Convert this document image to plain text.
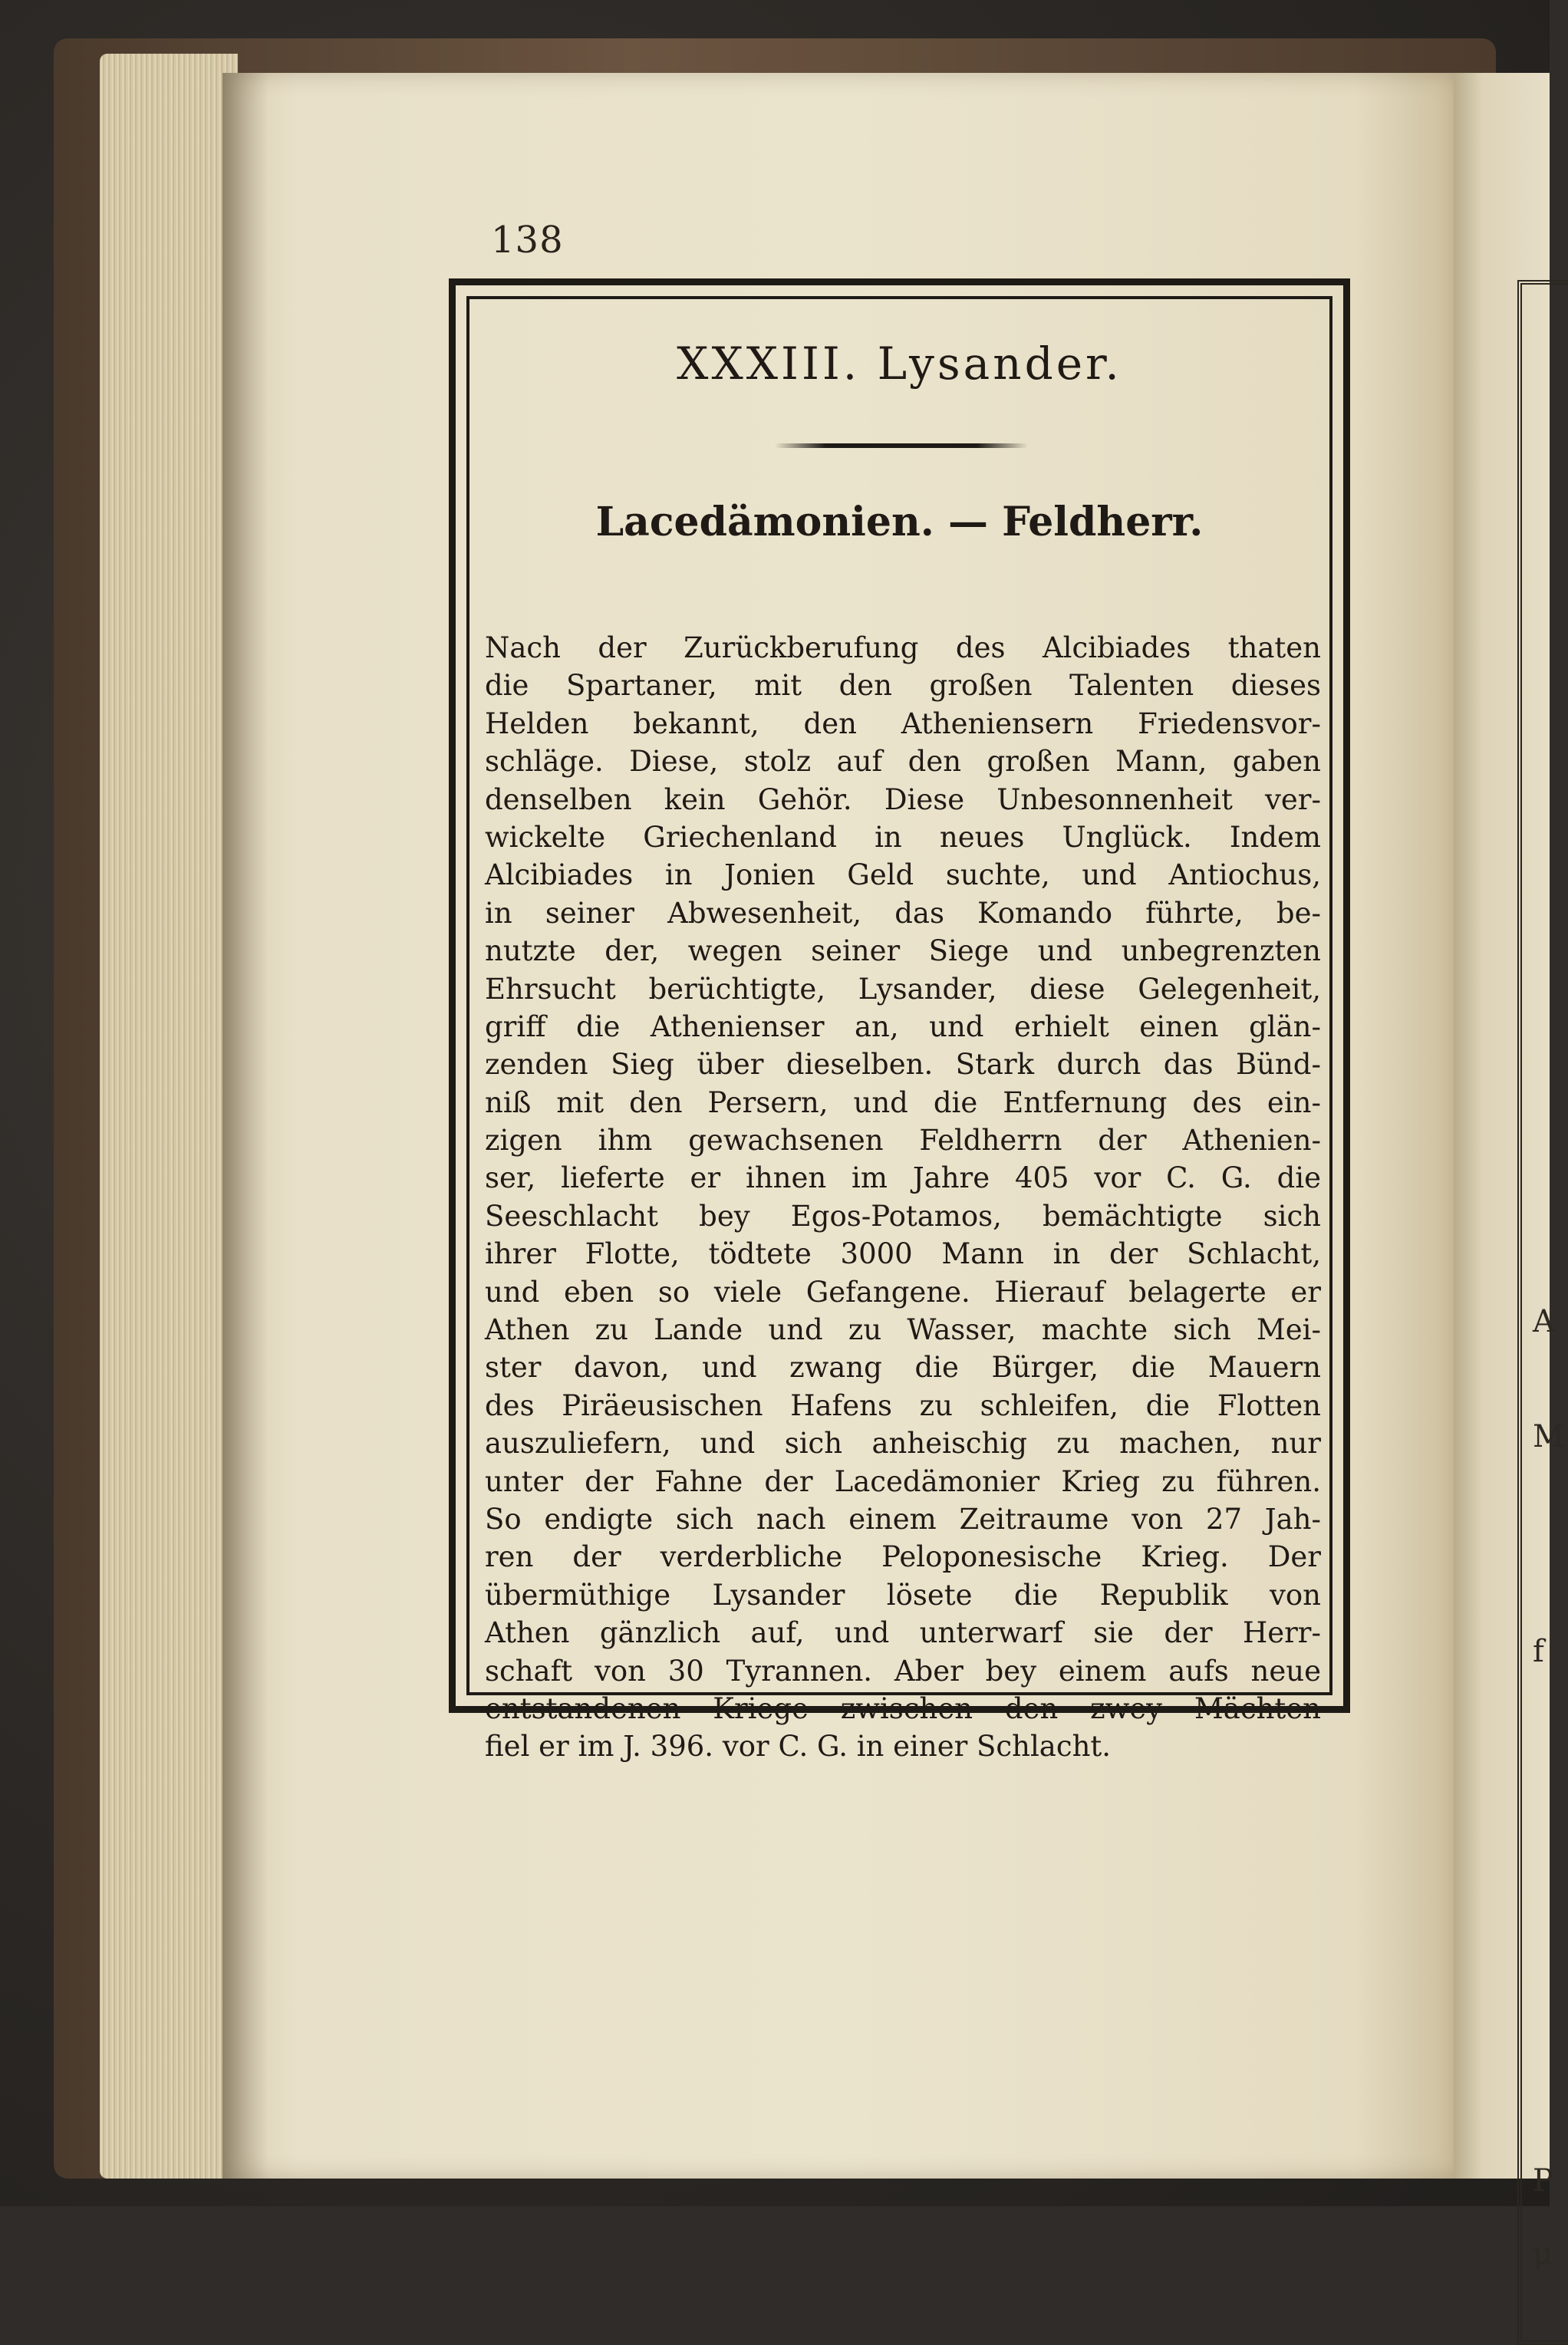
A
M
f
P
μ
138
XXXIII. Lysander.
Lacedämonien. — Feldherr.
Nach der Zurückberufung des Alcibiades thaten
die Spartaner, mit den großen Talenten dieses
Helden bekannt, den Atheniensern Friedensvor-
schläge. Diese, stolz auf den großen Mann, gaben
denselben kein Gehör. Diese Unbesonnenheit ver-
wickelte Griechenland in neues Unglück. Indem
Alcibiades in Jonien Geld suchte, und Antiochus,
in seiner Abwesenheit, das Komando führte, be-
nutzte der, wegen seiner Siege und unbegrenzten
Ehrsucht berüchtigte, Lysander, diese Gelegenheit,
griff die Athenienser an, und erhielt einen glän-
zenden Sieg über dieselben. Stark durch das Bünd-
niß mit den Persern, und die Entfernung des ein-
zigen ihm gewachsenen Feldherrn der Athenien-
ser, lieferte er ihnen im Jahre 405 vor C. G. die
Seeschlacht bey Egos-Potamos, bemächtigte sich
ihrer Flotte, tödtete 3000 Mann in der Schlacht,
und eben so viele Gefangene. Hierauf belagerte er
Athen zu Lande und zu Wasser, machte sich Mei-
ster davon, und zwang die Bürger, die Mauern
des Piräeusischen Hafens zu schleifen, die Flotten
auszuliefern, und sich anheischig zu machen, nur
unter der Fahne der Lacedämonier Krieg zu führen.
So endigte sich nach einem Zeitraume von 27 Jah-
ren der verderbliche Peloponesische Krieg. Der
übermüthige Lysander lösete die Republik von
Athen gänzlich auf, und unterwarf sie der Herr-
schaft von 30 Tyrannen. Aber bey einem aufs neue
entstandenen Kriege zwischen den zwey Mächten
fiel er im J. 396. vor C. G. in einer Schlacht.
